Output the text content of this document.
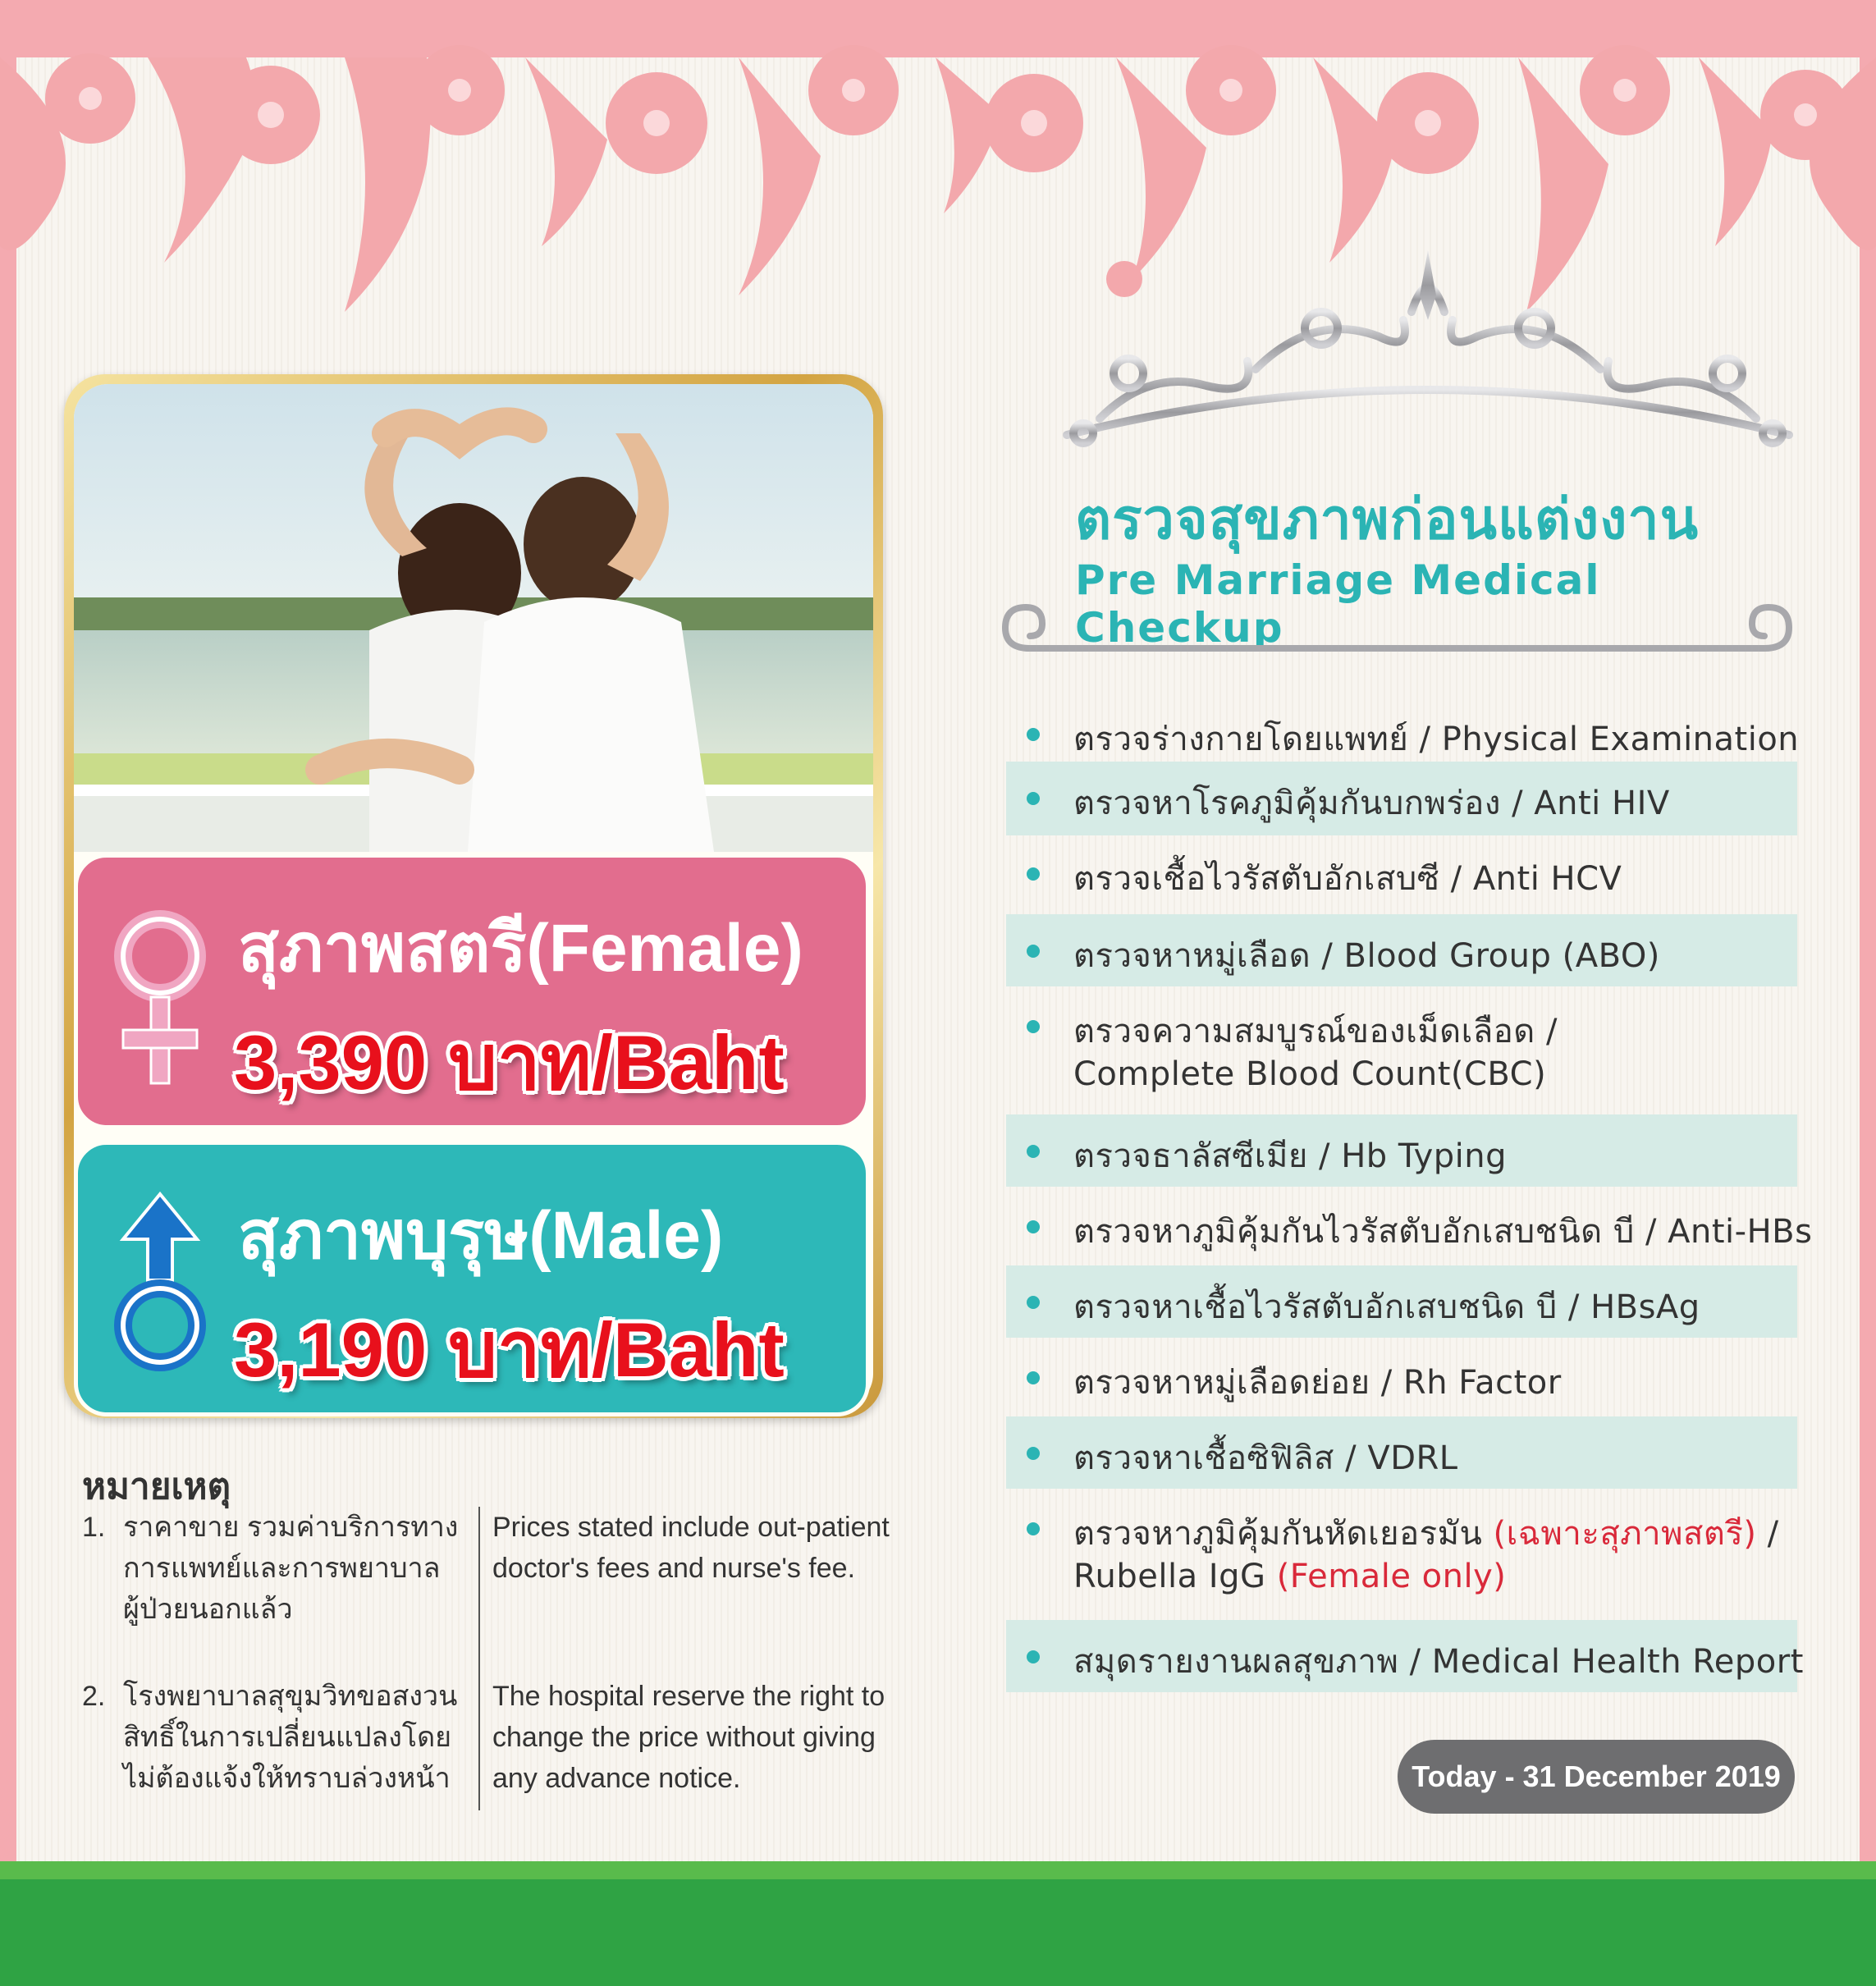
ตรวจสุขภาพก่อนแต่งงาน
Pre Marriage Medical Checkup
สุภาพสตรี(Female)
3,390 บาท/Baht
สุภาพบุรุษ(Male)
3,190 บาท/Baht
หมายเหตุ
1. ราคาขาย รวมค่าบริการทาง
การแพทย์และการพยาบาล
ผู้ป่วยนอกแล้ว
Prices stated include out-patient
doctor's fees and nurse's fee.
2. โรงพยาบาลสุขุมวิทขอสงวน
สิทธิ์ในการเปลี่ยนแปลงโดย
ไม่ต้องแจ้งให้ทราบล่วงหน้า
The hospital reserve the right to
change the price without giving
any advance notice.
ตรวจร่างกายโดยแพทย์ / Physical Examination
ตรวจหาโรคภูมิคุ้มกันบกพร่อง / Anti HIV
ตรวจเชื้อไวรัสตับอักเสบซี / Anti HCV
ตรวจหาหมู่เลือด / Blood Group (ABO)
ตรวจความสมบูรณ์ของเม็ดเลือด /
Complete Blood Count(CBC)
ตรวจธาลัสซีเมีย / Hb Typing
ตรวจหาภูมิคุ้มกันไวรัสตับอักเสบชนิด บี / Anti-HBs
ตรวจหาเชื้อไวรัสตับอักเสบชนิด บี / HBsAg
ตรวจหาหมู่เลือดย่อย / Rh Factor
ตรวจหาเชื้อซิฟิลิส / VDRL
ตรวจหาภูมิคุ้มกันหัดเยอรมัน (เฉพาะสุภาพสตรี) /
Rubella IgG (Female only)
สมุดรายงานผลสุขภาพ / Medical Health Report
Today - 31 December 2019
